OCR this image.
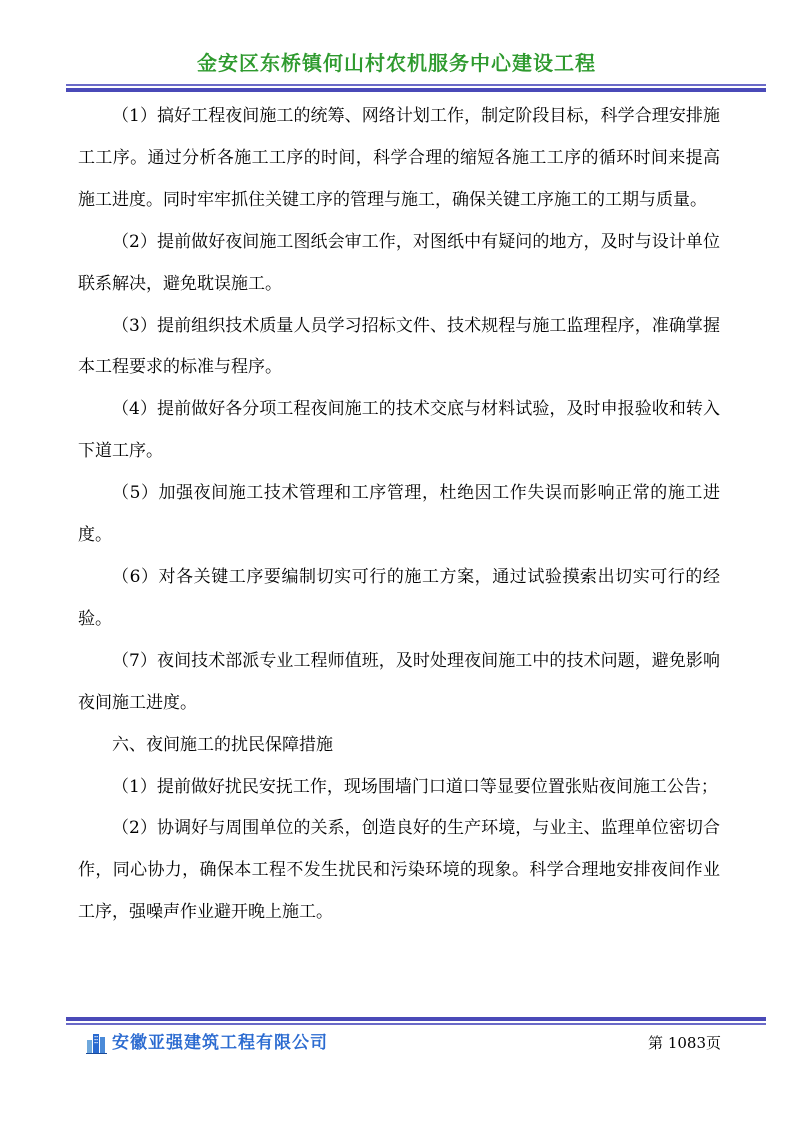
金安区东桥镇何山村农机服务中心建设工程

（1）搞好工程夜间施工的统筹、网络计划工作，制定阶段目标，科学合理安排施工工序。通过分析各施工工序的时间，科学合理的缩短各施工工序的循环时间来提高施工进度。同时牢牢抓住关键工序的管理与施工，确保关键工序施工的工期与质量。

（2）提前做好夜间施工图纸会审工作，对图纸中有疑问的地方，及时与设计单位联系解决，避免耽误施工。

（3）提前组织技术质量人员学习招标文件、技术规程与施工监理程序，准确掌握本工程要求的标准与程序。

（4）提前做好各分项工程夜间施工的技术交底与材料试验，及时申报验收和转入下道工序。

（5）加强夜间施工技术管理和工序管理，杜绝因工作失误而影响正常的施工进度。

（6）对各关键工序要编制切实可行的施工方案，通过试验摸索出切实可行的经验。

（7）夜间技术部派专业工程师值班，及时处理夜间施工中的技术问题，避免影响夜间施工进度。

六、夜间施工的扰民保障措施

（1）提前做好扰民安抚工作，现场围墙门口道口等显要位置张贴夜间施工公告；

（2）协调好与周围单位的关系，创造良好的生产环境，与业主、监理单位密切合作，同心协力，确保本工程不发生扰民和污染环境的现象。科学合理地安排夜间作业工序，强噪声作业避开晚上施工。

安徽亚强建筑工程有限公司	第 1083页
